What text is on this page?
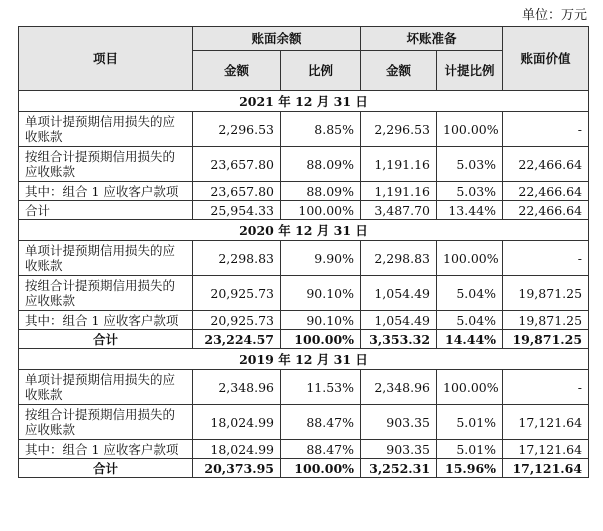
单位：万元
项目	账面余额		坏账准备		账面价值
	金额	比例	金额	计提比例	
2021 年 12 月 31 日					
单项计提预期信用损失的应收账款	2,296.53	8.85%	2,296.53	100.00%	-
按组合计提预期信用损失的应收账款	23,657.80	88.09%	1,191.16	5.03%	22,466.64
其中：组合 1 应收客户款项	23,657.80	88.09%	1,191.16	5.03%	22,466.64
合计	25,954.33	100.00%	3,487.70	13.44%	22,466.64
2020 年 12 月 31 日					
单项计提预期信用损失的应收账款	2,298.83	9.90%	2,298.83	100.00%	-
按组合计提预期信用损失的应收账款	20,925.73	90.10%	1,054.49	5.04%	19,871.25
其中：组合 1 应收客户款项	20,925.73	90.10%	1,054.49	5.04%	19,871.25
合计	23,224.57	100.00%	3,353.32	14.44%	19,871.25
2019 年 12 月 31 日					
单项计提预期信用损失的应收账款	2,348.96	11.53%	2,348.96	100.00%	-
按组合计提预期信用损失的应收账款	18,024.99	88.47%	903.35	5.01%	17,121.64
其中：组合 1 应收客户款项	18,024.99	88.47%	903.35	5.01%	17,121.64
合计	20,373.95	100.00%	3,252.31	15.96%	17,121.64
